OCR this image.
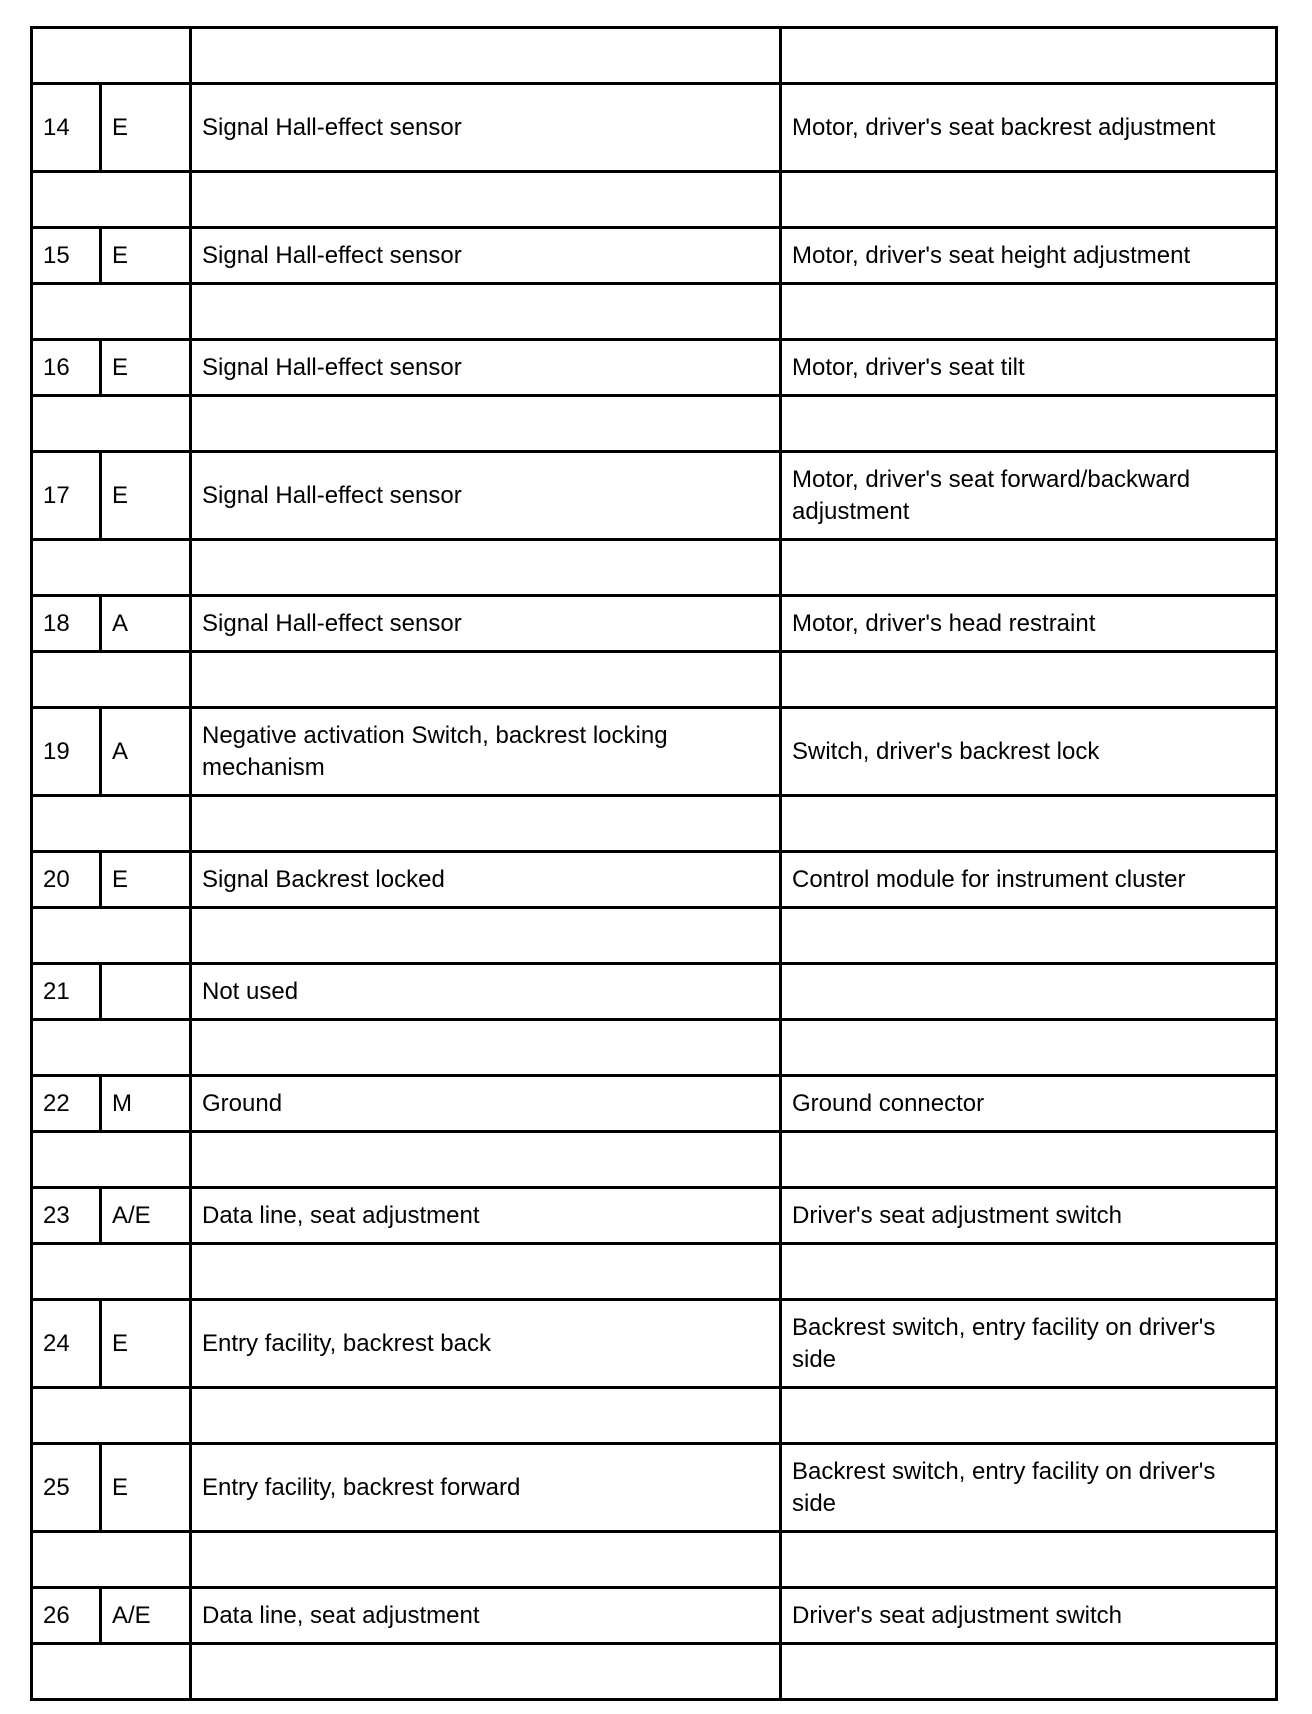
14	E	Signal Hall-effect sensor	Motor, driver's seat backrest adjustment

15	E	Signal Hall-effect sensor	Motor, driver's seat height adjustment

16	E	Signal Hall-effect sensor	Motor, driver's seat tilt

17	E	Signal Hall-effect sensor	Motor, driver's seat forward/backward adjustment

18	A	Signal Hall-effect sensor	Motor, driver's head restraint

19	A	Negative activation Switch, backrest locking mechanism	Switch, driver's backrest lock

20	E	Signal Backrest locked	Control module for instrument cluster

21		Not used	

22	M	Ground	Ground connector

23	A/E	Data line, seat adjustment	Driver's seat adjustment switch

24	E	Entry facility, backrest back	Backrest switch, entry facility on driver's side

25	E	Entry facility, backrest forward	Backrest switch, entry facility on driver's side

26	A/E	Data line, seat adjustment	Driver's seat adjustment switch
